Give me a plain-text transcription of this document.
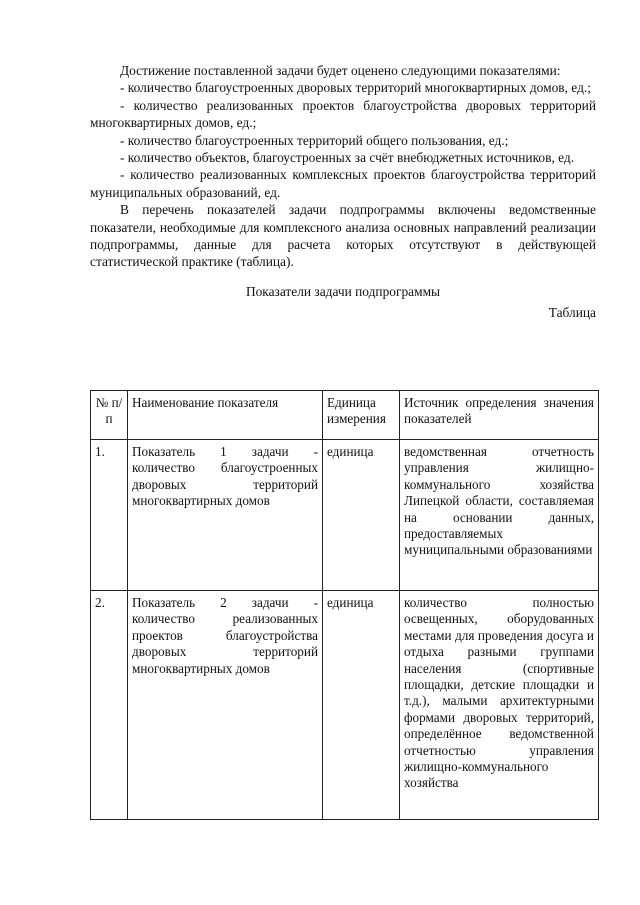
Достижение поставленной задачи будет оценено следующими показателями:

- количество благоустроенных дворовых территорий многоквартирных домов, ед.;

- количество реализованных проектов благоустройства дворовых территорий многоквартирных домов, ед.;

- количество благоустроенных территорий общего пользования, ед.;

- количество объектов, благоустроенных за счёт внебюджетных источников, ед.

- количество реализованных комплексных проектов благоустройства территорий муниципальных образований, ед.

В перечень показателей задачи подпрограммы включены ведомственные показатели, необходимые для комплексного анализа основных направлений реализации подпрограммы, данные для расчета которых отсутствуют в действующей статистической практике (таблица).

Показатели задачи подпрограммы
Таблица
№ п/п	Наименование показателя	Единица измерения	Источник определения значения показателей
1.	Показатель 1 задачи - количество благоустроенных дворовых территорий многоквартирных домов	единица	ведомственная отчетность управления жилищно-коммунального хозяйства Липецкой области, составляемая на основании данных, предоставляемых муниципальными образованиями
2.	Показатель 2 задачи - количество реализованных проектов благоустройства дворовых территорий многоквартирных домов	единица	количество полностью освещенных, оборудованных местами для проведения досуга и отдыха разными группами населения (спортивные площадки, детские площадки и т.д.), малыми архитектурными формами дворовых территорий, определённое ведомственной отчетностью управления жилищно-коммунального хозяйства
